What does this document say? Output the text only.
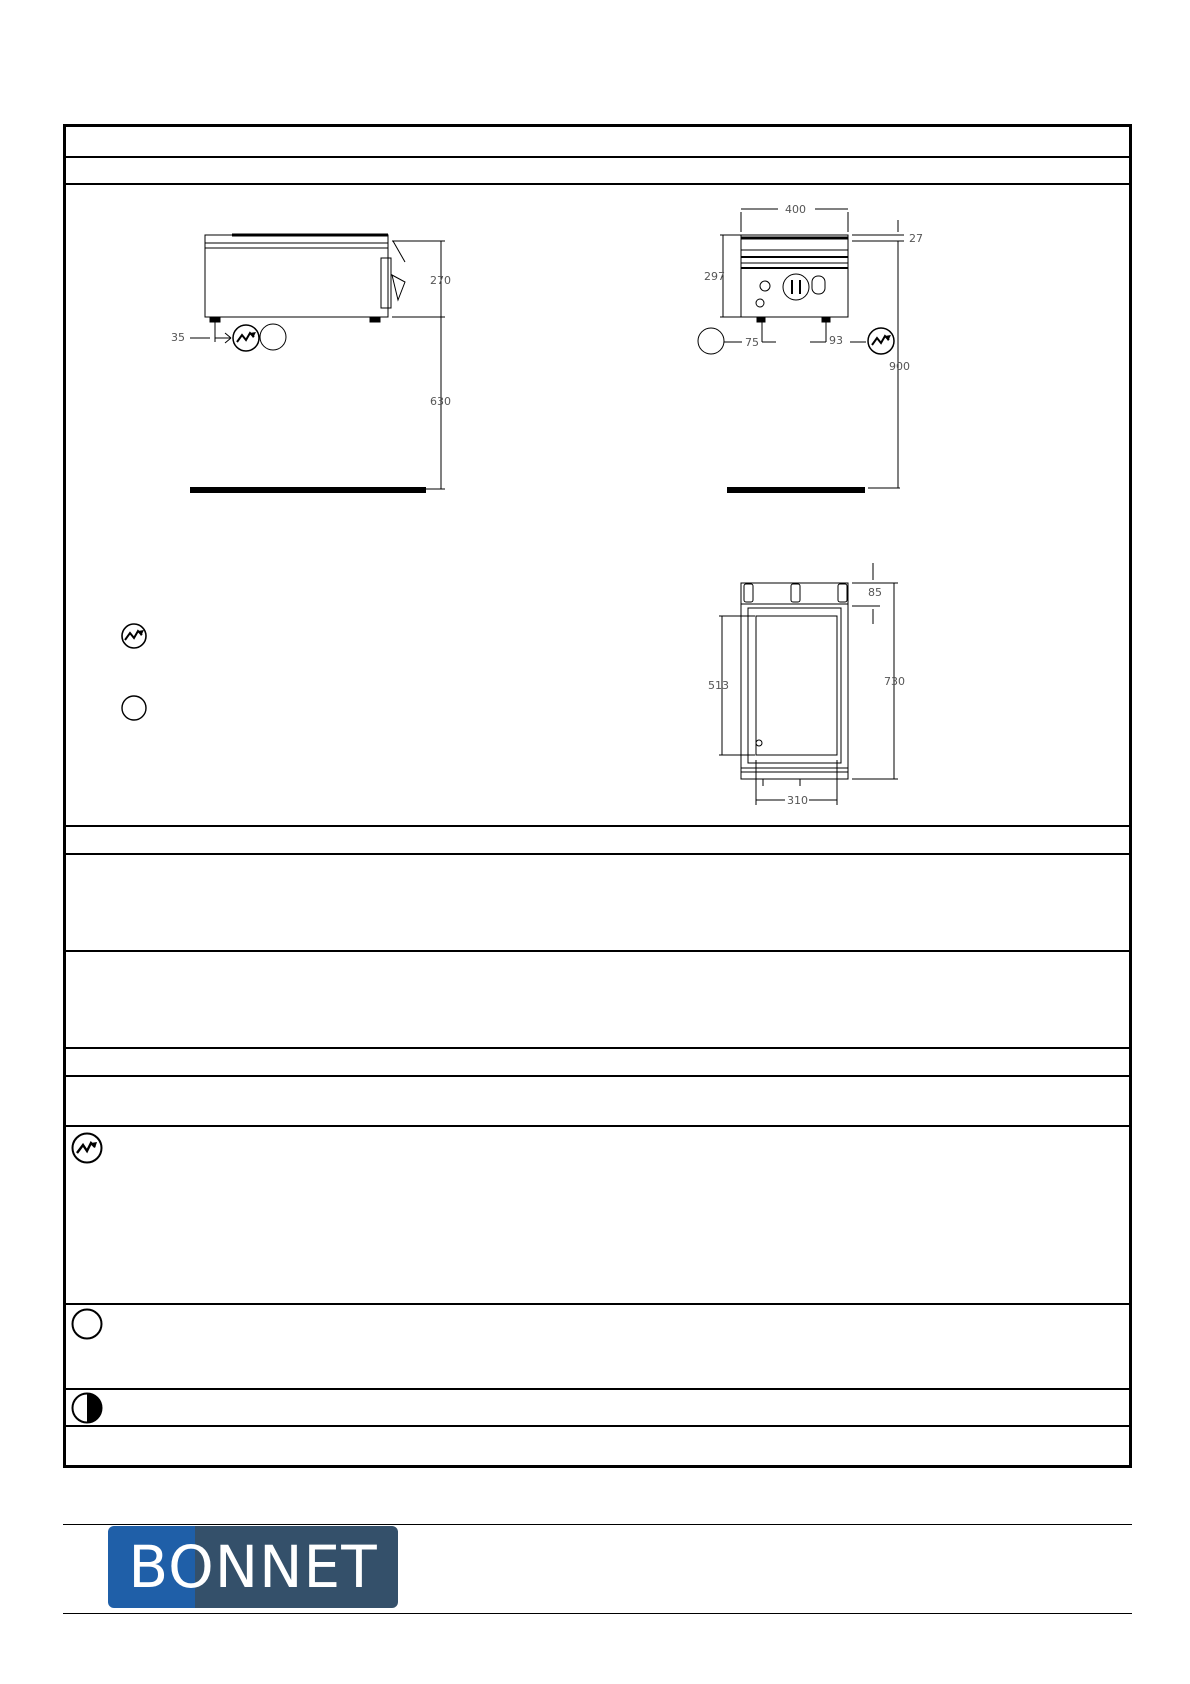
270
35
630
400
27
297
75	93
900
85
513	730
310
BONNET
